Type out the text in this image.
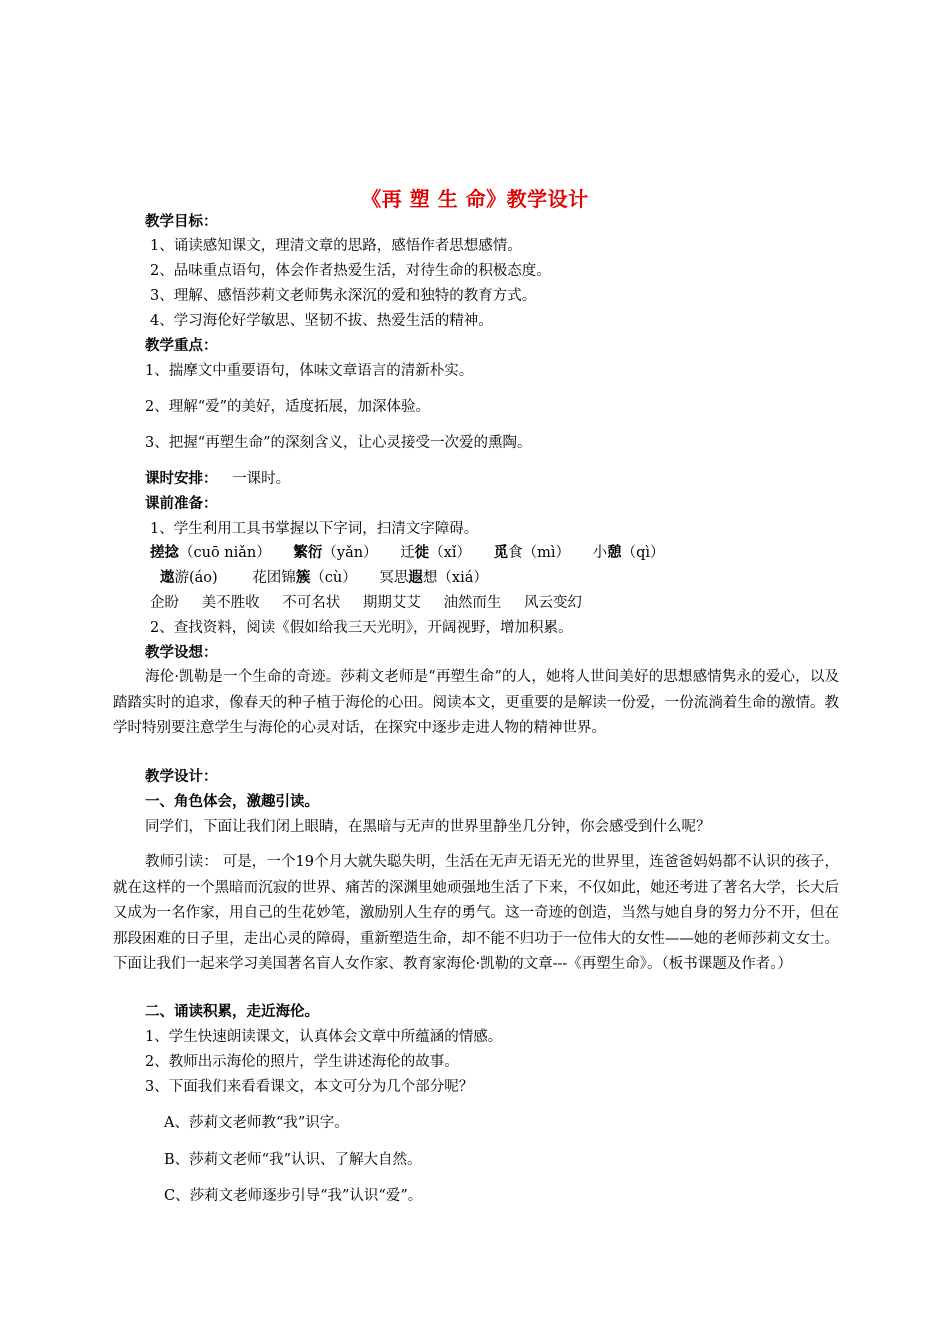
《再 塑 生 命》教学设计
教学目标：
1、诵读感知课文，理清文章的思路，感悟作者思想感情。
2、品味重点语句，体会作者热爱生活，对待生命的积极态度。
3、理解、感悟莎莉文老师隽永深沉的爱和独特的教育方式。
4、学习海伦好学敏思、坚韧不拔、热爱生活的精神。
教学重点：
1、揣摩文中重要语句，体味文章语言的清新朴实。
2、理解“爱”的美好，适度拓展，加深体验。
3、把握“再塑生命”的深刻含义，让心灵接受一次爱的熏陶。
课时安排： 一课时。
课前准备：
1、学生利用工具书掌握以下字词，扫清文字障碍。
搓捻（cuō niǎn） 繁衍（yǎn） 迁徙（xǐ） 觅食（mì） 小憩（qì）
遨游(áo) 花团锦簇（cù） 冥思遐想（xiá）
企盼 美不胜收 不可名状 期期艾艾 油然而生 风云变幻
2、查找资料，阅读《假如给我三天光明》，开阔视野，增加积累。
教学设想：
海伦·凯勒是一个生命的奇迹。莎莉文老师是“再塑生命”的人，她将人世间美好的思想感情隽永的爱心，以及踏踏实时的追求，像春天的种子植于海伦的心田。阅读本文，更重要的是解读一份爱，一份流淌着生命的激情。教学时特别要注意学生与海伦的心灵对话，在探究中逐步走进人物的精神世界。
教学设计：
一、角色体会，激趣引读。
同学们，下面让我们闭上眼睛，在黑暗与无声的世界里静坐几分钟，你会感受到什么呢？
教师引读： 可是，一个19个月大就失聪失明，生活在无声无语无光的世界里，连爸爸妈妈都不认识的孩子，就在这样的一个黑暗而沉寂的世界、痛苦的深渊里她顽强地生活了下来，不仅如此，她还考进了著名大学，长大后又成为一名作家，用自己的生花妙笔，激励别人生存的勇气。这一奇迹的创造，当然与她自身的努力分不开，但在那段困难的日子里，走出心灵的障碍，重新塑造生命，却不能不归功于一位伟大的女性——她的老师莎莉文女士。下面让我们一起来学习美国著名盲人女作家、教育家海伦·凯勒的文章---《再塑生命》。（板书课题及作者。）
二、诵读积累，走近海伦。
1、学生快速朗读课文，认真体会文章中所蕴涵的情感。
2、教师出示海伦的照片，学生讲述海伦的故事。
3、下面我们来看看课文，本文可分为几个部分呢？
A、莎莉文老师教“我”识字。
B、莎莉文老师“我”认识、了解大自然。
C、莎莉文老师逐步引导“我”认识“爱”。
